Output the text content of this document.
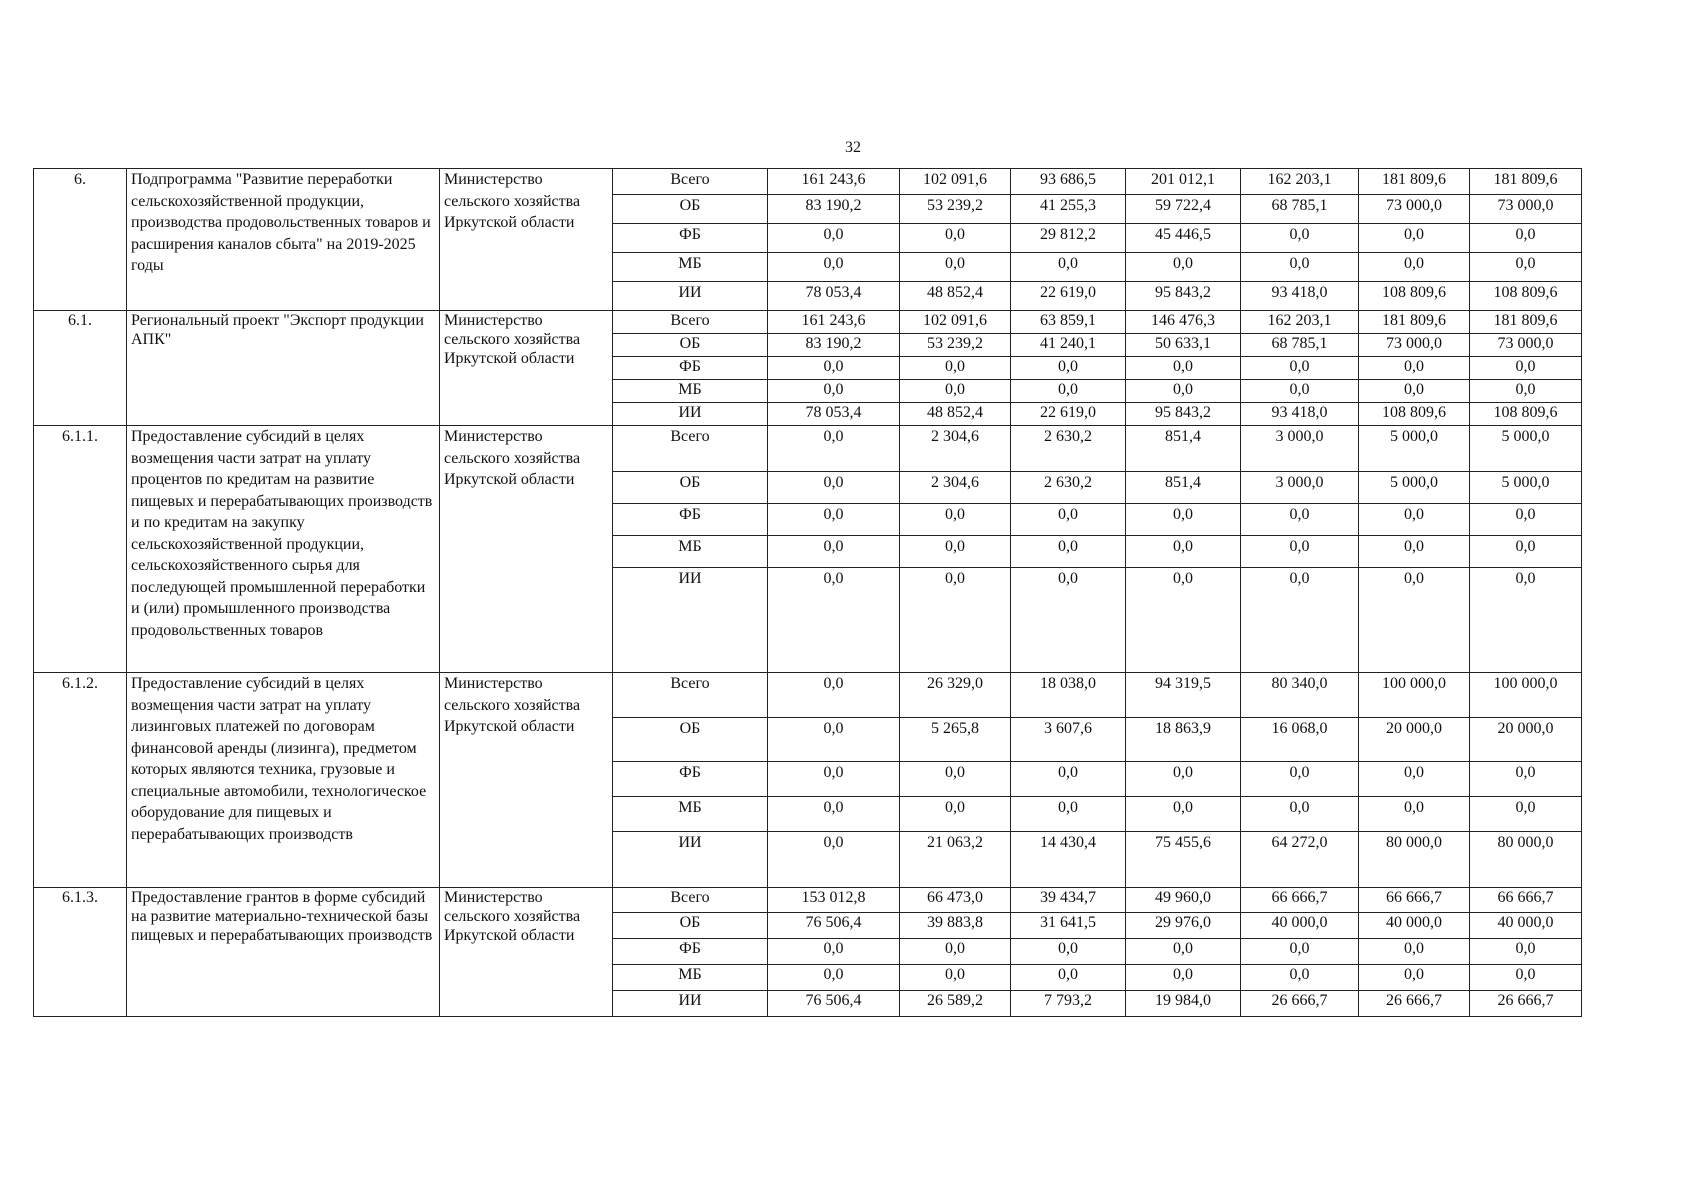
32
6.	Подпрограмма "Развитие переработки сельскохозяйственной продукции, производства продовольственных товаров и расширения каналов сбыта" на 2019-2025 годы	Министерство сельского хозяйства Иркутской области	Всего	161 243,6	102 091,6	93 686,5	201 012,1	162 203,1	181 809,6	181 809,6
			ОБ	83 190,2	53 239,2	41 255,3	59 722,4	68 785,1	73 000,0	73 000,0
			ФБ	0,0	0,0	29 812,2	45 446,5	0,0	0,0	0,0
			МБ	0,0	0,0	0,0	0,0	0,0	0,0	0,0
			ИИ	78 053,4	48 852,4	22 619,0	95 843,2	93 418,0	108 809,6	108 809,6
6.1.	Региональный проект "Экспорт продукции АПК"	Министерство сельского хозяйства Иркутской области	Всего	161 243,6	102 091,6	63 859,1	146 476,3	162 203,1	181 809,6	181 809,6
			ОБ	83 190,2	53 239,2	41 240,1	50 633,1	68 785,1	73 000,0	73 000,0
			ФБ	0,0	0,0	0,0	0,0	0,0	0,0	0,0
			МБ	0,0	0,0	0,0	0,0	0,0	0,0	0,0
			ИИ	78 053,4	48 852,4	22 619,0	95 843,2	93 418,0	108 809,6	108 809,6
6.1.1.	Предоставление субсидий в целях возмещения части затрат на уплату процентов по кредитам на развитие пищевых и перерабатывающих производств и по кредитам на закупку сельскохозяйственной продукции, сельскохозяйственного сырья для последующей промышленной переработки и (или) промышленного производства продовольственных товаров	Министерство сельского хозяйства Иркутской области	Всего	0,0	2 304,6	2 630,2	851,4	3 000,0	5 000,0	5 000,0
			ОБ	0,0	2 304,6	2 630,2	851,4	3 000,0	5 000,0	5 000,0
			ФБ	0,0	0,0	0,0	0,0	0,0	0,0	0,0
			МБ	0,0	0,0	0,0	0,0	0,0	0,0	0,0
			ИИ	0,0	0,0	0,0	0,0	0,0	0,0	0,0
6.1.2.	Предоставление субсидий в целях возмещения части затрат на уплату лизинговых платежей по договорам финансовой аренды (лизинга), предметом которых являются техника, грузовые и специальные автомобили, технологическое оборудование для пищевых и перерабатывающих производств	Министерство сельского хозяйства Иркутской области	Всего	0,0	26 329,0	18 038,0	94 319,5	80 340,0	100 000,0	100 000,0
			ОБ	0,0	5 265,8	3 607,6	18 863,9	16 068,0	20 000,0	20 000,0
			ФБ	0,0	0,0	0,0	0,0	0,0	0,0	0,0
			МБ	0,0	0,0	0,0	0,0	0,0	0,0	0,0
			ИИ	0,0	21 063,2	14 430,4	75 455,6	64 272,0	80 000,0	80 000,0
6.1.3.	Предоставление грантов в форме субсидий на развитие материально-технической базы пищевых и перерабатывающих производств	Министерство сельского хозяйства Иркутской области	Всего	153 012,8	66 473,0	39 434,7	49 960,0	66 666,7	66 666,7	66 666,7
			ОБ	76 506,4	39 883,8	31 641,5	29 976,0	40 000,0	40 000,0	40 000,0
			ФБ	0,0	0,0	0,0	0,0	0,0	0,0	0,0
			МБ	0,0	0,0	0,0	0,0	0,0	0,0	0,0
			ИИ	76 506,4	26 589,2	7 793,2	19 984,0	26 666,7	26 666,7	26 666,7
